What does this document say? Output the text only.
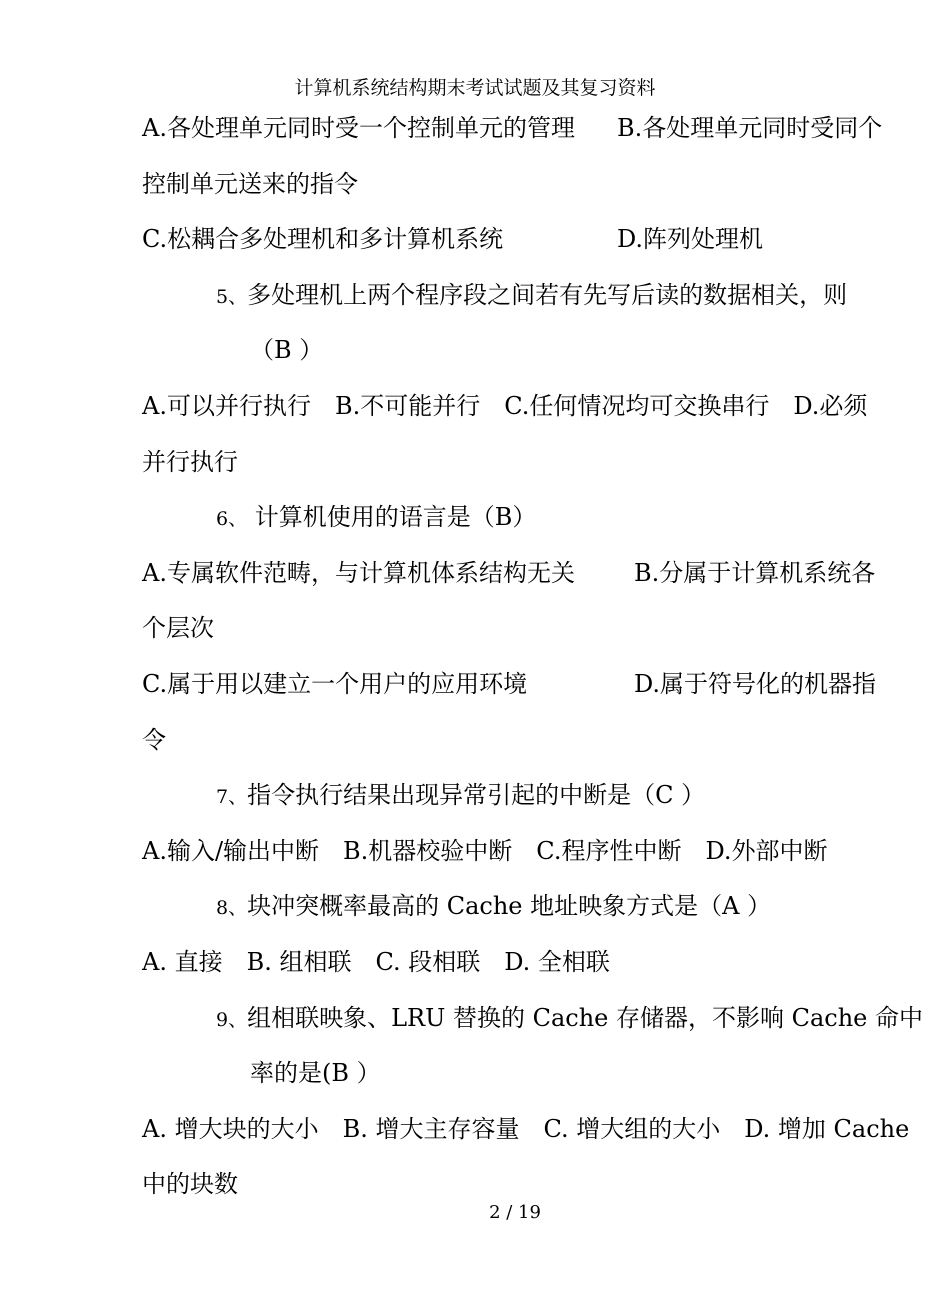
计算机系统结构期末考试试题及其复习资料
A.各处理单元同时受一个控制单元的管理 B.各处理单元同时受同个
控制单元送来的指令
C.松耦合多处理机和多计算机系统	D.阵列处理机
5、多处理机上两个程序段之间若有先写后读的数据相关，则
（B ）
A.可以并行执行　B.不可能并行　C.任何情况均可交换串行　D.必须
并行执行
6、 计算机使用的语言是（B）
A.专属软件范畴，与计算机体系结构无关 B.分属于计算机系统各
个层次
C.属于用以建立一个用户的应用环境	D.属于符号化的机器指
令
7、指令执行结果出现异常引起的中断是（C ）
A.输入/输出中断　B.机器校验中断　C.程序性中断　D.外部中断
8、块冲突概率最高的 Cache 地址映象方式是（A ）
A. 直接　B. 组相联　C. 段相联　D. 全相联
9、组相联映象、LRU 替换的 Cache 存储器，不影响 Cache 命中
率的是(B ）
A. 增大块的大小　B. 增大主存容量　C. 增大组的大小　D. 增加 Cache
中的块数
2 / 19
